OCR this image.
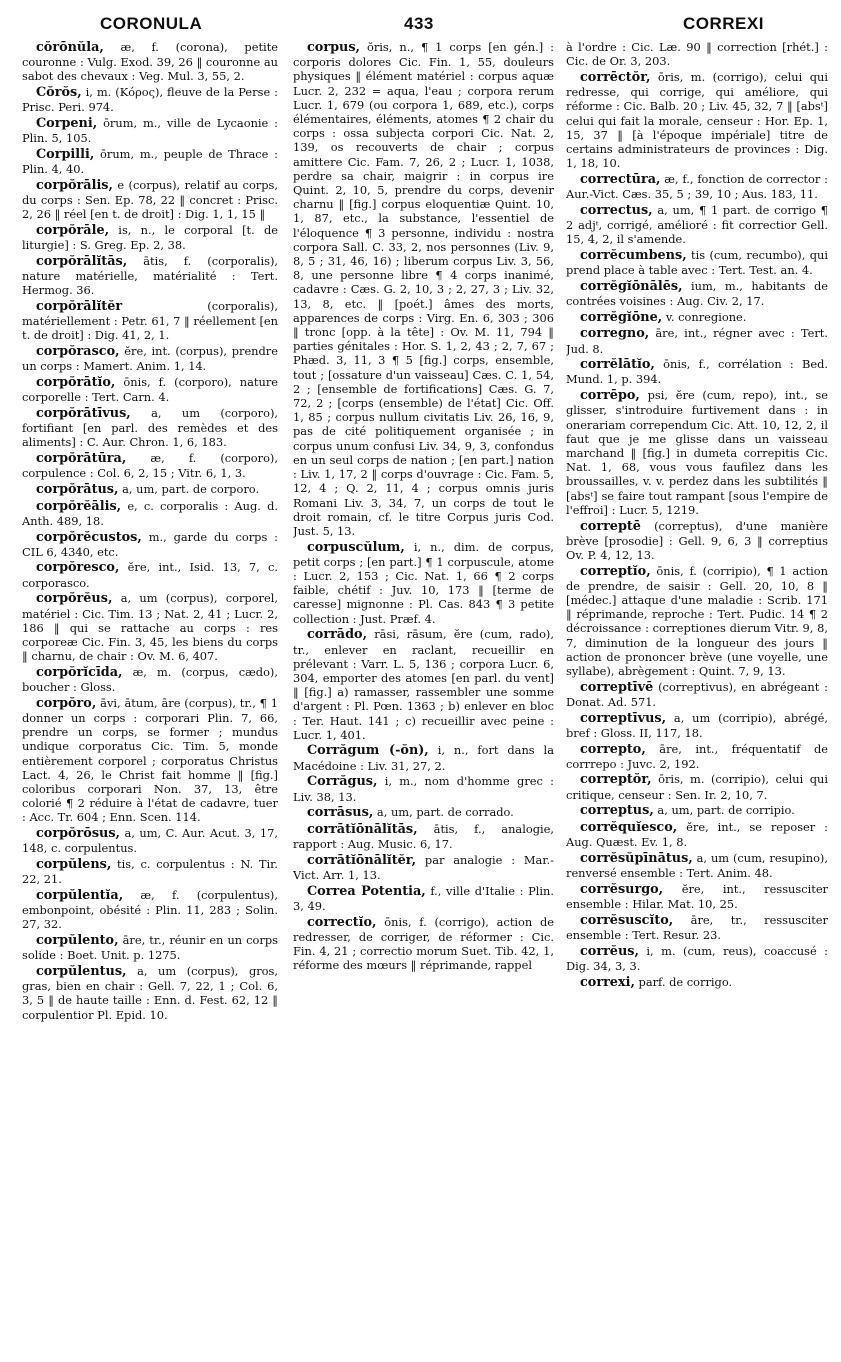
CORONULA	433	CORREXI

cŏrōnŭla, æ, f. (corona), petite couronne : Vulg. Exod. 39, 26 ‖ couronne au sabot des chevaux : Veg. Mul. 3, 55, 2.

Cŏrŏs, i, m. (Κόρος), fleuve de la Perse : Prisc. Peri. 974.

Corpeni, ōrum, m., ville de Lycaonie : Plin. 5, 105.

Corpilli, ōrum, m., peuple de Thrace : Plin. 4, 40.

corpŏrālis, e (corpus), relatif au corps, du corps : Sen. Ep. 78, 22 ‖ concret : Prisc. 2, 26 ‖ réel [en t. de droit] : Dig. 1, 1, 15 ‖

corpŏrāle, is, n., le corporal [t. de liturgie] : S. Greg. Ep. 2, 38.

corpŏrālĭtās, ātis, f. (corporalis), nature matérielle, matérialité : Tert. Hermog. 36.

corpŏrālĭtĕr	(corporalis), matériellement : Petr. 61, 7 ‖ réellement [en t. de droit] : Dig. 41, 2, 1.

corpŏrasco, ĕre, int. (corpus), prendre un corps : Mamert. Anim. 1, 14.

corpŏrātĭo, ōnis, f. (corporo), nature corporelle : Tert. Carn. 4.

corpŏrātīvus, a, um (corporo), fortifiant [en parl. des remèdes et des aliments] : C. Aur. Chron. 1, 6, 183.

corpŏrātūra, æ, f. (corporo), corpulence : Col. 6, 2, 15 ; Vitr. 6, 1, 3.

corpŏrātus, a, um, part. de corporo.

corpŏrĕālis, e, c. corporalis : Aug. d. Anth. 489, 18.

corpŏrĕcustos, m., garde du corps : CIL 6, 4340, etc.

corpŏresco, ĕre, int., Isid. 13, 7, c. corporasco.

corpŏrĕus, a, um (corpus), corporel, matériel : Cic. Tim. 13 ; Nat. 2, 41 ; Lucr. 2, 186 ‖ qui se rattache au corps : res corporeæ Cic. Fin. 3, 45, les biens du corps ‖ charnu, de chair : Ov. M. 6, 407.

corpŏrĭcīda, æ, m. (corpus, cædo), boucher : Gloss.

corpŏro, āvi, ātum, āre (corpus), tr., ¶ 1 donner un corps : corporari Plin. 7, 66, prendre un corps, se former ; mundus undique corporatus Cic. Tim. 5, monde entièrement corporel ; corporatus Christus Lact. 4, 26, le Christ fait homme ‖ [fig.] coloribus corporari Non. 37, 13, être colorié ¶ 2 réduire à l'état de cadavre, tuer : Acc. Tr. 604 ; Enn. Scen. 114.

corpŏrōsus, a, um, C. Aur. Acut. 3, 17, 148, c. corpulentus.

corpŭlens, tis, c. corpulentus : N. Tir. 22, 21.

corpŭlentĭa, æ, f. (corpulentus), embonpoint, obésité : Plin. 11, 283 ; Solin. 27, 32.

corpŭlento, āre, tr., réunir en un corps solide : Boet. Unit. p. 1275.

corpŭlentus, a, um (corpus), gros, gras, bien en chair : Gell. 7, 22, 1 ; Col. 6, 3, 5 ‖ de haute taille : Enn. d. Fest. 62, 12 ‖ corpulentior Pl. Epid. 10.

corpus, ŏris, n., ¶ 1 corps [en gén.] : corporis dolores Cic. Fin. 1, 55, douleurs physiques ‖ élément matériel : corpus aquæ Lucr. 2, 232 = aqua, l'eau ; corpora rerum Lucr. 1, 679 (ou corpora 1, 689, etc.), corps élémentaires, éléments, atomes ¶ 2 chair du corps : ossa subjecta corpori Cic. Nat. 2, 139, os recouverts de chair ; corpus amittere Cic. Fam. 7, 26, 2 ; Lucr. 1, 1038, perdre sa chair, maigrir : in corpus ire Quint. 2, 10, 5, prendre du corps, devenir charnu ‖ [fig.] corpus eloquentiæ Quint. 10, 1, 87, etc., la substance, l'essentiel de l'éloquence ¶ 3 personne, individu : nostra corpora Sall. C. 33, 2, nos personnes (Liv. 9, 8, 5 ; 31, 46, 16) ; liberum corpus Liv. 3, 56, 8, une personne libre ¶ 4 corps inanimé, cadavre : Cæs. G. 2, 10, 3 ; 2, 27, 3 ; Liv. 32, 13, 8, etc. ‖ [poét.] âmes des morts, apparences de corps : Virg. En. 6, 303 ; 306 ‖ tronc [opp. à la tête] : Ov. M. 11, 794 ‖ parties génitales : Hor. S. 1, 2, 43 ; 2, 7, 67 ; Phæd. 3, 11, 3 ¶ 5 [fig.] corps, ensemble, tout ; [ossature d'un vaisseau] Cæs. C. 1, 54, 2 ; [ensemble de fortifications] Cæs. G. 7, 72, 2 ; [corps (ensemble) de l'état] Cic. Off. 1, 85 ; corpus nullum civitatis Liv. 26, 16, 9, pas de cité politiquement organisée ; in corpus unum confusi Liv. 34, 9, 3, confondus en un seul corps de nation ; [en part.] nation : Liv. 1, 17, 2 ‖ corps d'ouvrage : Cic. Fam. 5, 12, 4 ; Q. 2, 11, 4 ; corpus omnis juris Romani Liv. 3, 34, 7, un corps de tout le droit romain, cf. le titre Corpus juris Cod. Just. 5, 13.

corpuscŭlum, i, n., dim. de corpus, petit corps ; [en part.] ¶ 1 corpuscule, atome : Lucr. 2, 153 ; Cic. Nat. 1, 66 ¶ 2 corps faible, chétif : Juv. 10, 173 ‖ [terme de caresse] mignonne : Pl. Cas. 843 ¶ 3 petite collection : Just. Præf. 4.

corrādo, rāsi, rāsum, ĕre (cum, rado), tr., enlever en raclant, recueillir en prélevant : Varr. L. 5, 136 ; corpora Lucr. 6, 304, emporter des atomes [en parl. du vent] ‖ [fig.] a) ramasser, rassembler une somme d'argent : Pl. Pœn. 1363 ; b) enlever en bloc : Ter. Haut. 141 ; c) recueillir avec peine : Lucr. 1, 401.

Corrăgum (-ŏn), i, n., fort dans la Macédoine : Liv. 31, 27, 2.

Corrăgus, i, m., nom d'homme grec : Liv. 38, 13.

corrāsus, a, um, part. de corrado.

corrātĭōnālĭtās, ātis, f., analogie, rapport : Aug. Music. 6, 17.

corrātĭōnālĭtĕr, par analogie : Mar.-Vict. Arr. 1, 13.

Correa Potentia, f., ville d'Italie : Plin. 3, 49.

correctĭo, ōnis, f. (corrigo), action de redresser, de corriger, de réformer : Cic. Fin. 4, 21 ; correctio morum Suet. Tib. 42, 1, réforme des mœurs ‖ réprimande, rappel

à l'ordre : Cic. Læ. 90 ‖ correction [rhét.] : Cic. de Or. 3, 203.

corrēctŏr, ōris, m. (corrigo), celui qui redresse, qui corrige, qui améliore, qui réforme : Cic. Balb. 20 ; Liv. 45, 32, 7 ‖ [absᵗ] celui qui fait la morale, censeur : Hor. Ep. 1, 15, 37 ‖ [à l'époque impériale] titre de certains administrateurs de provinces : Dig. 1, 18, 10.

correctūra, æ, f., fonction de corrector : Aur.-Vict. Cæs. 35, 5 ; 39, 10 ; Aus. 183, 11.

correctus, a, um, ¶ 1 part. de corrigo ¶ 2 adjᵗ, corrigé, amélioré : fit correctior Gell. 15, 4, 2, il s'amende.

corrĕcumbens, tis (cum, recumbo), qui prend place à table avec : Tert. Test. an. 4.

corrĕgĭōnālēs, ium, m., habitants de contrées voisines : Aug. Civ. 2, 17.

corrĕgĭōne, v. conregione.

corregno, āre, int., régner avec : Tert. Jud. 8.

corrĕlātĭo, ōnis, f., corrélation : Bed. Mund. 1, p. 394.

corrēpo, psi, ĕre (cum, repo), int., se glisser, s'introduire furtivement dans : in onerariam corrependum Cic. Att. 10, 12, 2, il faut que je me glisse dans un vaisseau marchand ‖ [fig.] in dumeta correpitis Cic. Nat. 1, 68, vous vous faufilez dans les broussailles, v. v. perdez dans les subtilités ‖ [absᵗ] se faire tout rampant [sous l'empire de l'effroi] : Lucr. 5, 1219.

correptē (correptus), d'une manière brève [prosodie] : Gell. 9, 6, 3 ‖ correptius Ov. P. 4, 12, 13.

correptĭo, ōnis, f. (corripio), ¶ 1 action de prendre, de saisir : Gell. 20, 10, 8 ‖ [médec.] attaque d'une maladie : Scrib. 171 ‖ réprimande, reproche : Tert. Pudic. 14 ¶ 2 décroissance : correptiones dierum Vitr. 9, 8, 7, diminution de la longueur des jours ‖ action de prononcer brève (une voyelle, une syllabe), abrègement : Quint. 7, 9, 13.

correptīvē (correptivus), en abrégeant : Donat. Ad. 571.

correptīvus, a, um (corripio), abrégé, bref : Gloss. II, 117, 18.

correpto, āre, int., fréquentatif de corrrepo : Juvc. 2, 192.

correptŏr, ōris, m. (corripio), celui qui critique, censeur : Sen. Ir. 2, 10, 7.

correptus, a, um, part. de corripio.

corrĕquĭesco, ĕre, int., se reposer : Aug. Quæst. Ev. 1, 8.

corrĕsŭpīnātus, a, um (cum, resupino), renversé ensemble : Tert. Anim. 48.

corrĕsurgo, ĕre, int., ressusciter ensemble : Hilar. Mat. 10, 25.

corrĕsuscĭto, āre, tr., ressusciter ensemble : Tert. Resur. 23.

corrĕus, i, m. (cum, reus), coaccusé : Dig. 34, 3, 3.

correxi, parf. de corrigo.
